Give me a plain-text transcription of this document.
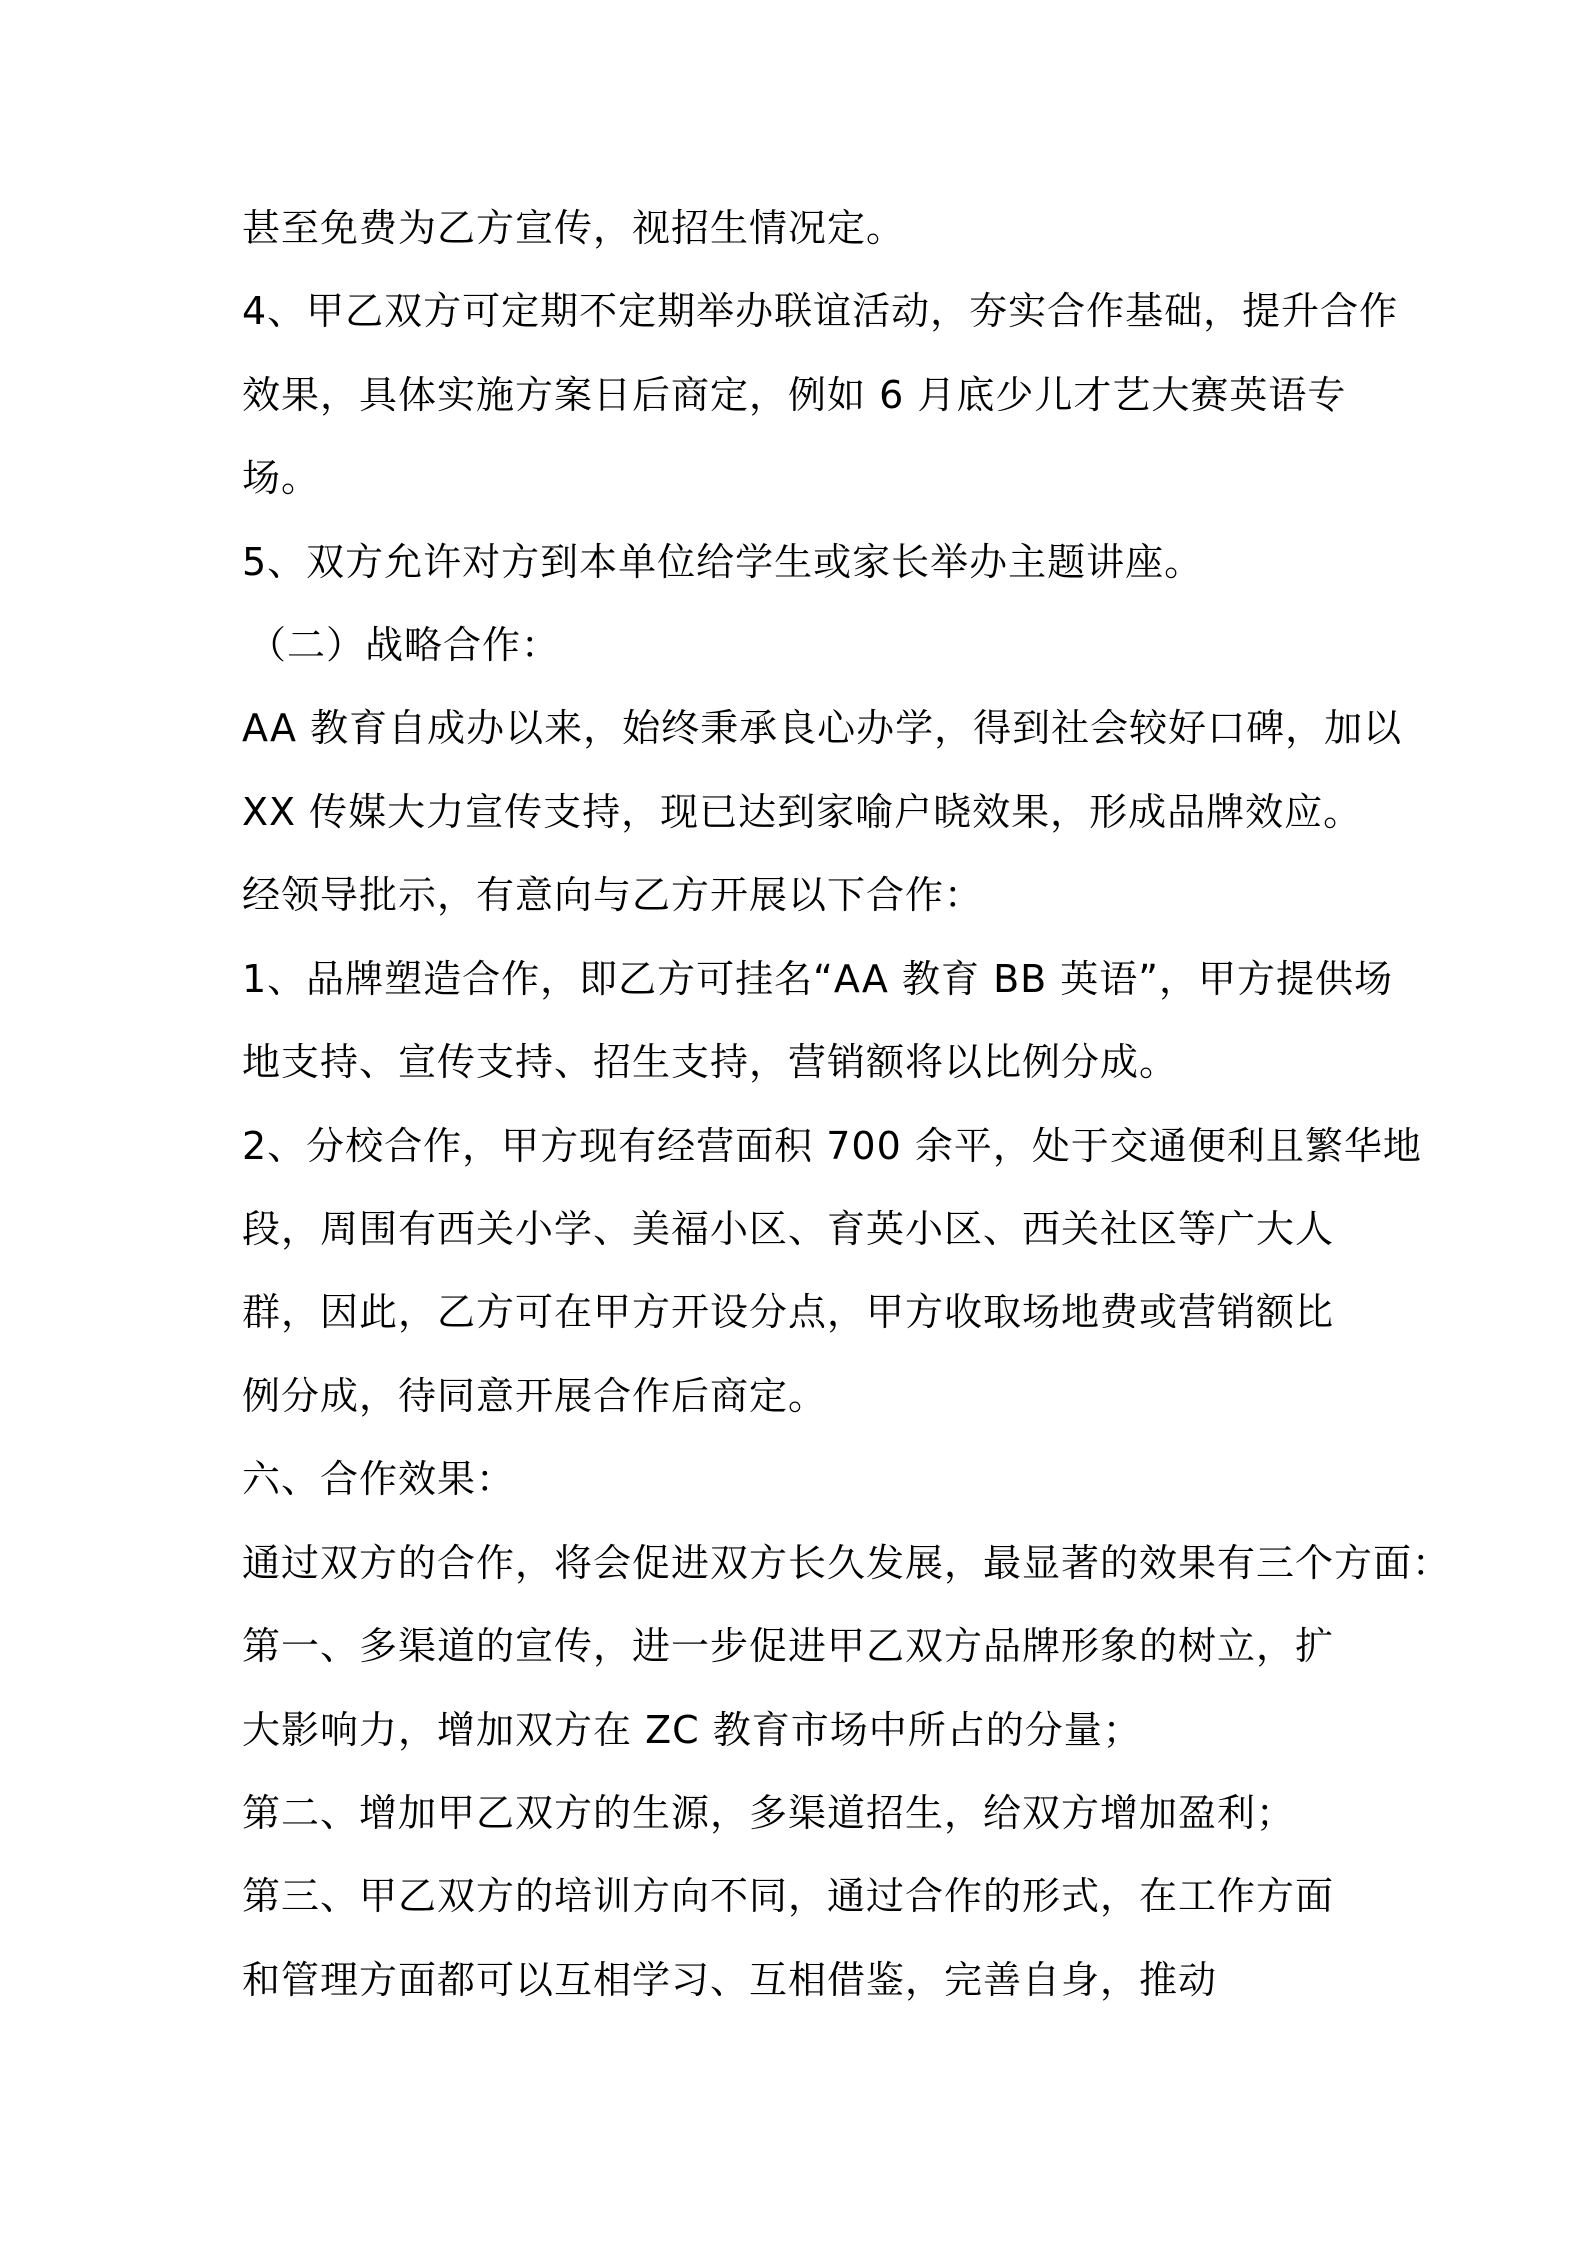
甚至免费为乙方宣传，视招生情况定。
4、甲乙双方可定期不定期举办联谊活动，夯实合作基础，提升合作
效果，具体实施方案日后商定，例如 6 月底少儿才艺大赛英语专
场。
5、双方允许对方到本单位给学生或家长举办主题讲座。
（二）战略合作：
AA 教育自成办以来，始终秉承良心办学，得到社会较好口碑，加以
XX 传媒大力宣传支持，现已达到家喻户晓效果，形成品牌效应。
经领导批示，有意向与乙方开展以下合作：
1、品牌塑造合作，即乙方可挂名“AA 教育 BB 英语”，甲方提供场
地支持、宣传支持、招生支持，营销额将以比例分成。
2、分校合作，甲方现有经营面积 700 余平，处于交通便利且繁华地
段，周围有西关小学、美福小区、育英小区、西关社区等广大人
群，因此，乙方可在甲方开设分点，甲方收取场地费或营销额比
例分成，待同意开展合作后商定。
六、合作效果：
通过双方的合作，将会促进双方长久发展，最显著的效果有三个方面：
第一、多渠道的宣传，进一步促进甲乙双方品牌形象的树立，扩
大影响力，增加双方在 ZC 教育市场中所占的分量；
第二、增加甲乙双方的生源，多渠道招生，给双方增加盈利；
第三、甲乙双方的培训方向不同，通过合作的形式，在工作方面
和管理方面都可以互相学习、互相借鉴，完善自身，推动
